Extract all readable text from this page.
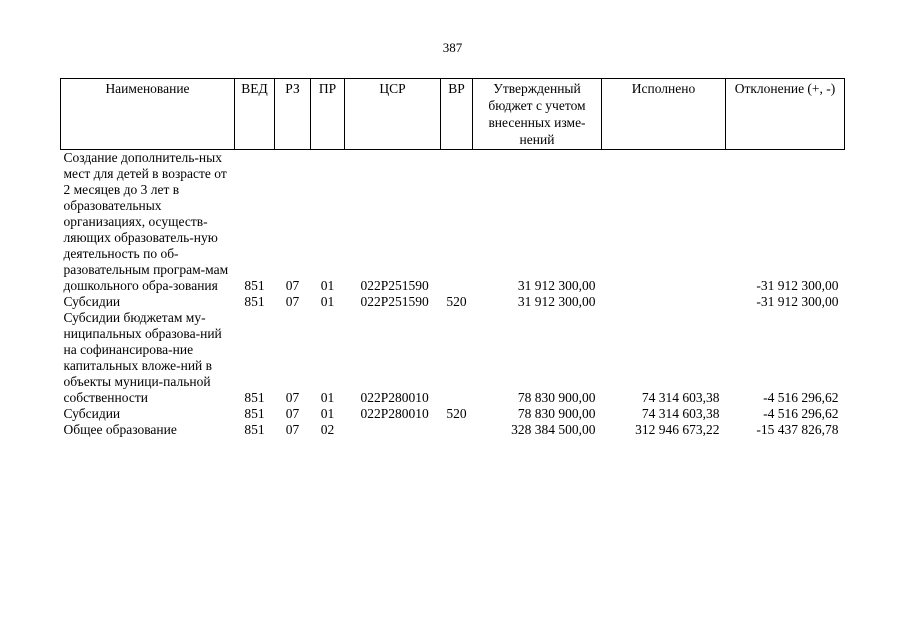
387
Наименование	ВЕД	РЗ	ПР	ЦСР	ВР	Утвержденный бюджет с учетом внесенных изме-нений	Исполнено	Отклонение (+, -)
Создание дополнитель-ных мест для детей в возрасте от 2 месяцев до 3 лет в образовательных организациях, осуществ-ляющих образователь-ную деятельность по об-разовательным програм-мам дошкольного обра-зования	851	07	01	022Р251590		31 912 300,00		-31 912 300,00
Субсидии	851	07	01	022Р251590	520	31 912 300,00		-31 912 300,00
Субсидии бюджетам му-ниципальных образова-ний на софинансирова-ние капитальных вложе-ний в объекты муници-пальной собственности	851	07	01	022Р280010		78 830 900,00	74 314 603,38	-4 516 296,62
Субсидии	851	07	01	022Р280010	520	78 830 900,00	74 314 603,38	-4 516 296,62
Общее образование	851	07	02			328 384 500,00	312 946 673,22	-15 437 826,78
